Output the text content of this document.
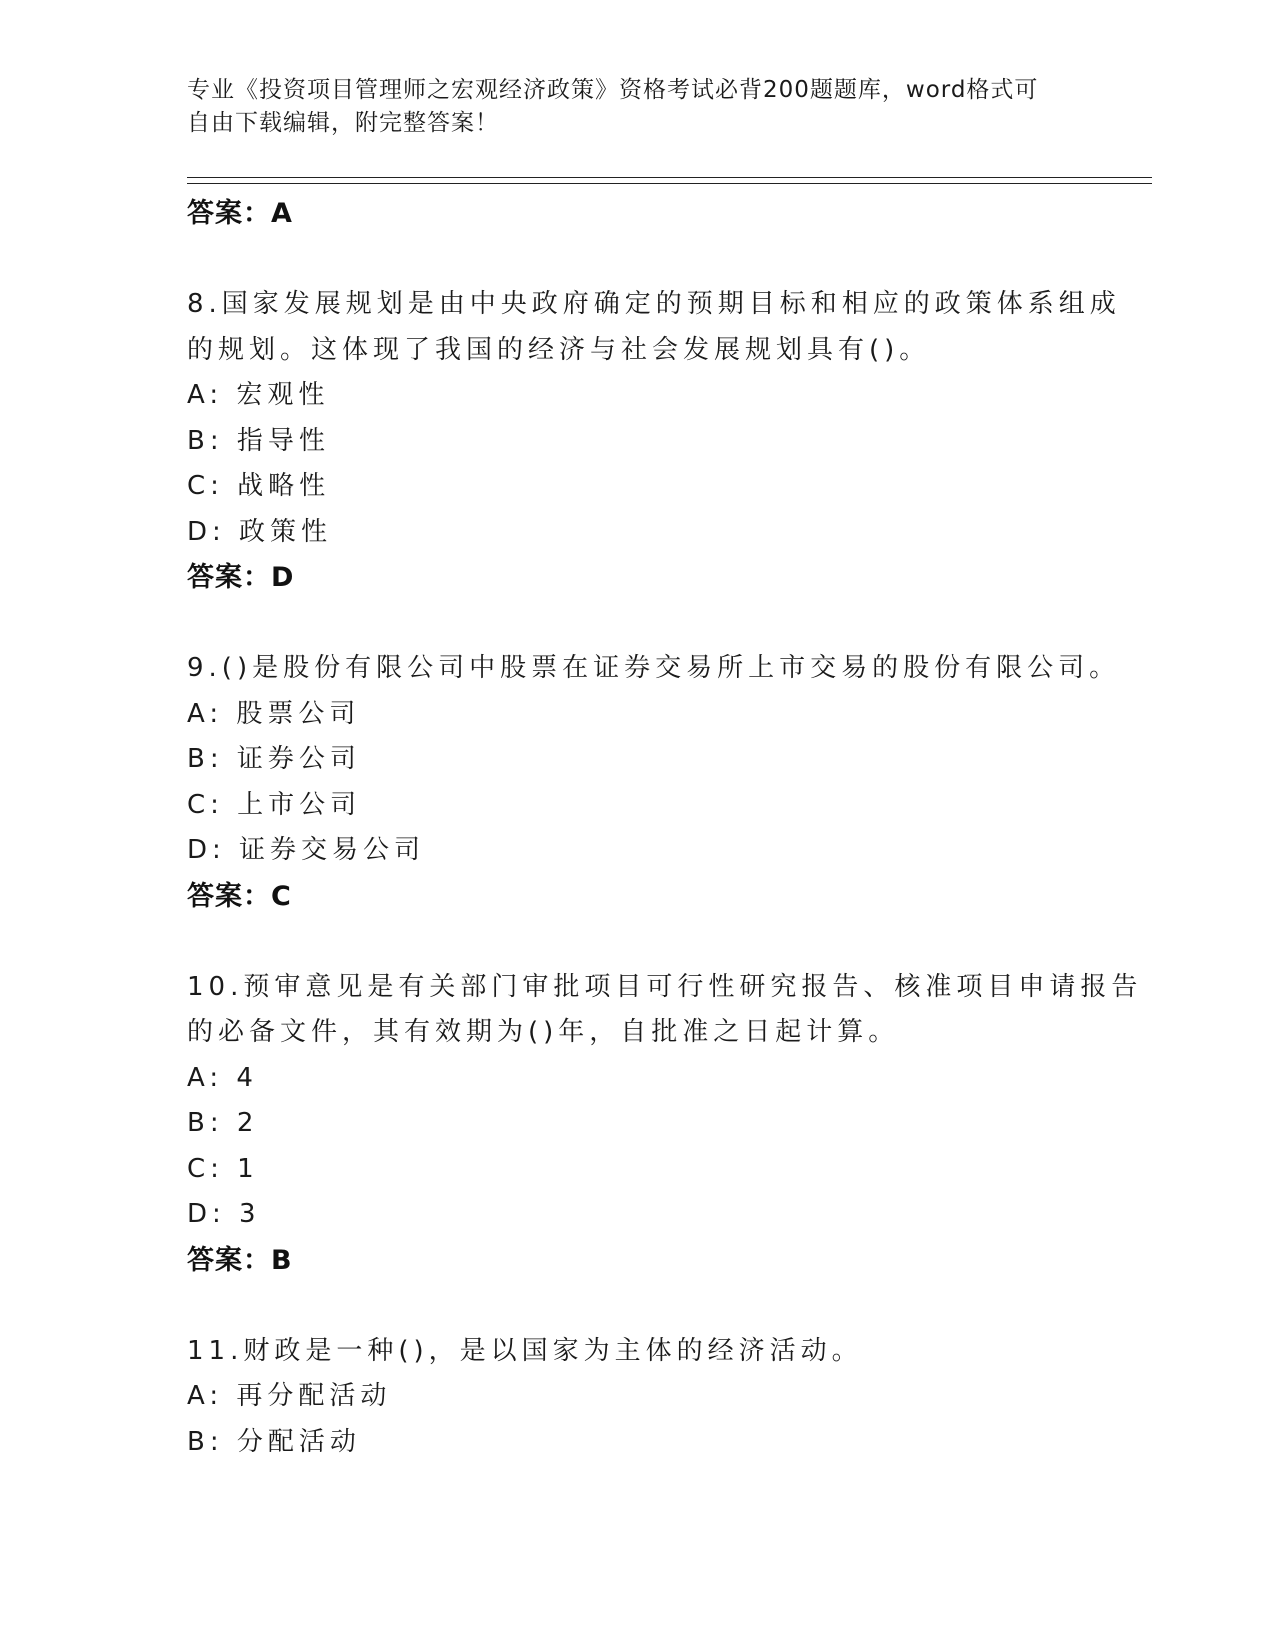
专业《投资项目管理师之宏观经济政策》资格考试必背200题题库，word格式可
自由下载编辑，附完整答案！
答案：A
8.国家发展规划是由中央政府确定的预期目标和相应的政策体系组成
的规划。这体现了我国的经济与社会发展规划具有()。
A: 宏观性
B: 指导性
C: 战略性
D: 政策性
答案：D
9.()是股份有限公司中股票在证券交易所上市交易的股份有限公司。
A: 股票公司
B: 证券公司
C: 上市公司
D: 证券交易公司
答案：C
10.预审意见是有关部门审批项目可行性研究报告、核准项目申请报告
的必备文件，其有效期为()年，自批准之日起计算。
A: 4
B: 2
C: 1
D: 3
答案：B
11.财政是一种()，是以国家为主体的经济活动。
A: 再分配活动
B: 分配活动
